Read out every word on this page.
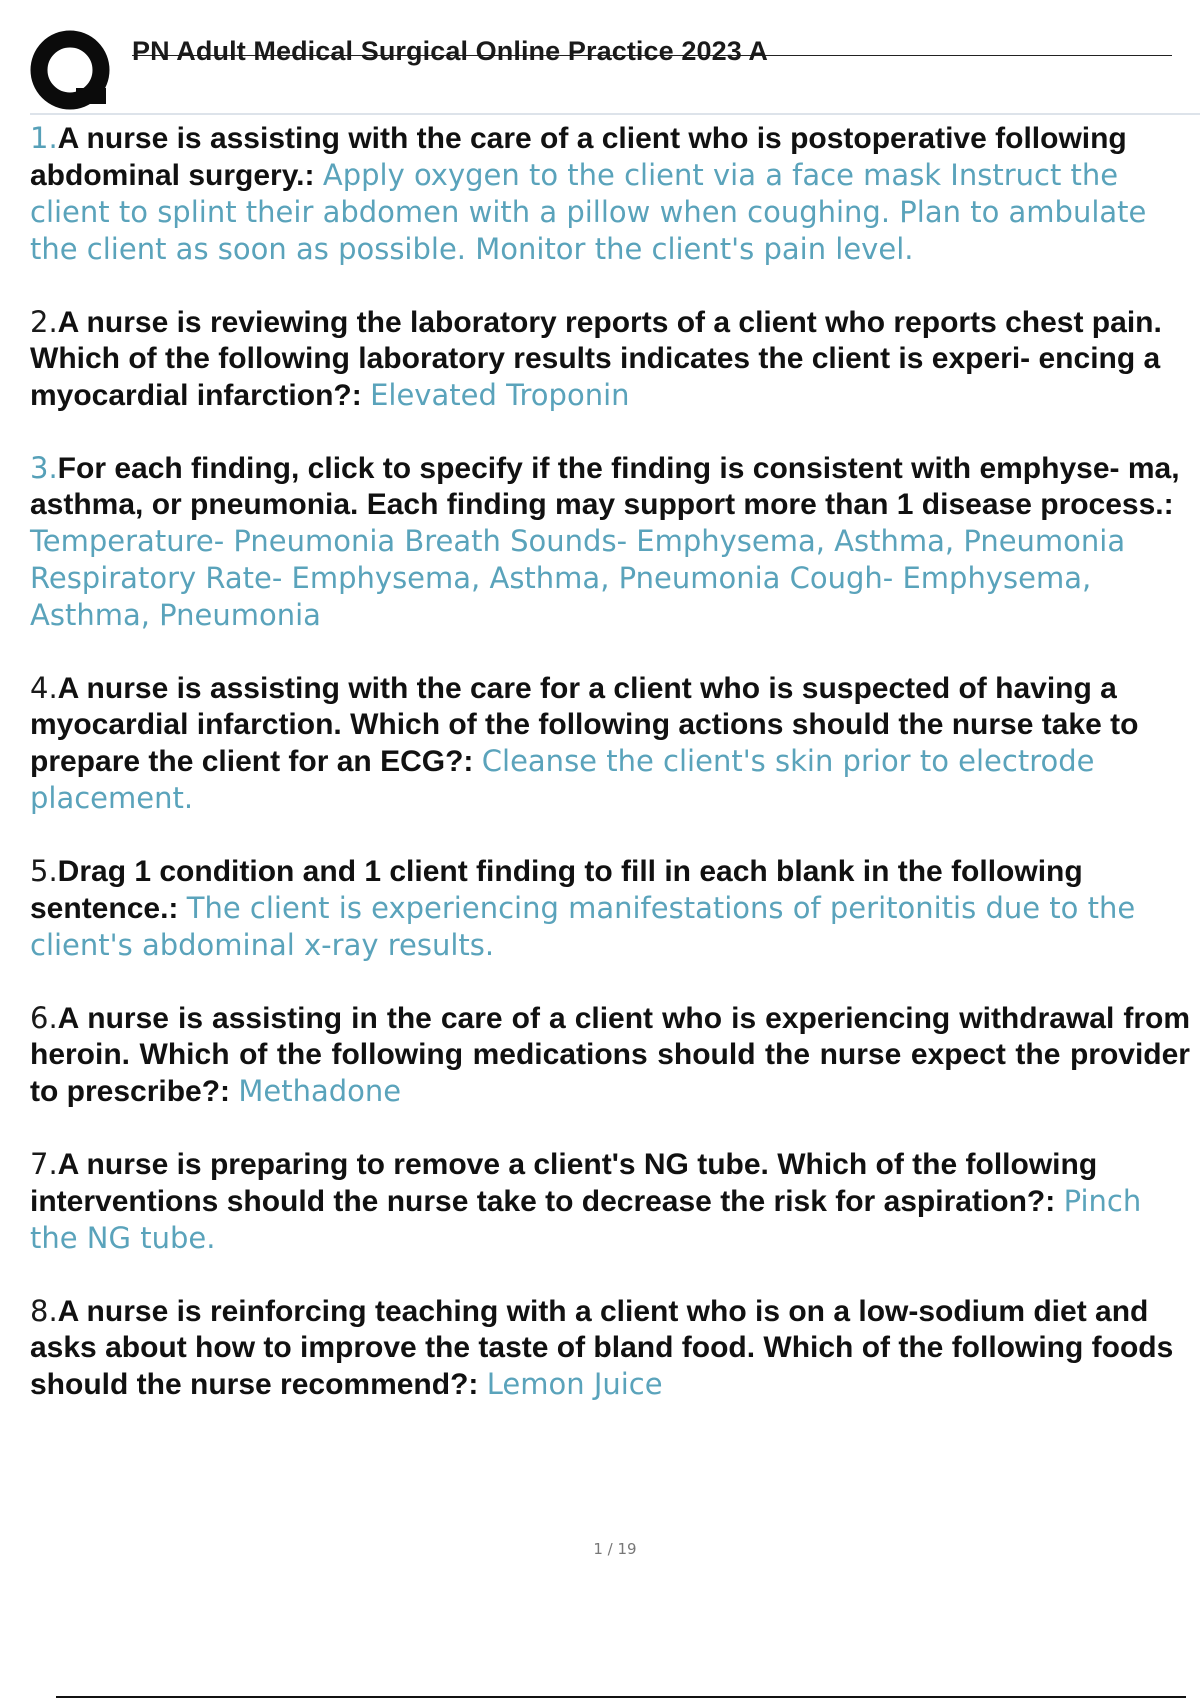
PN Adult Medical Surgical Online Practice 2023 A

1.A nurse is assisting with the care of a client who is postoperative following abdominal surgery.: Apply oxygen to the client via a face mask Instruct the client to splint their abdomen with a pillow when coughing. Plan to ambulate the client as soon as possible. Monitor the client's pain level.

2.A nurse is reviewing the laboratory reports of a client who reports chest pain. Which of the following laboratory results indicates the client is experi- encing a myocardial infarction?: Elevated Troponin

3.For each finding, click to specify if the finding is consistent with emphyse- ma, asthma, or pneumonia. Each finding may support more than 1 disease process.: Temperature- Pneumonia Breath Sounds- Emphysema, Asthma, Pneumonia Respiratory Rate- Emphysema, Asthma, Pneumonia Cough- Emphysema, Asthma, Pneumonia

4.A nurse is assisting with the care for a client who is suspected of having a myocardial infarction. Which of the following actions should the nurse take to prepare the client for an ECG?: Cleanse the client's skin prior to electrode placement.

5.Drag 1 condition and 1 client finding to fill in each blank in the following sentence.: The client is experiencing manifestations of peritonitis due to the client's abdominal x-ray results.

6.A nurse is assisting in the care of a client who is experiencing withdrawal from heroin. Which of the following medications should the nurse expect the provider to prescribe?: Methadone

7.A nurse is preparing to remove a client's NG tube. Which of the following interventions should the nurse take to decrease the risk for aspiration?: Pinch the NG tube.

8.A nurse is reinforcing teaching with a client who is on a low-sodium diet and asks about how to improve the taste of bland food. Which of the following foods should the nurse recommend?: Lemon Juice

1 / 19
